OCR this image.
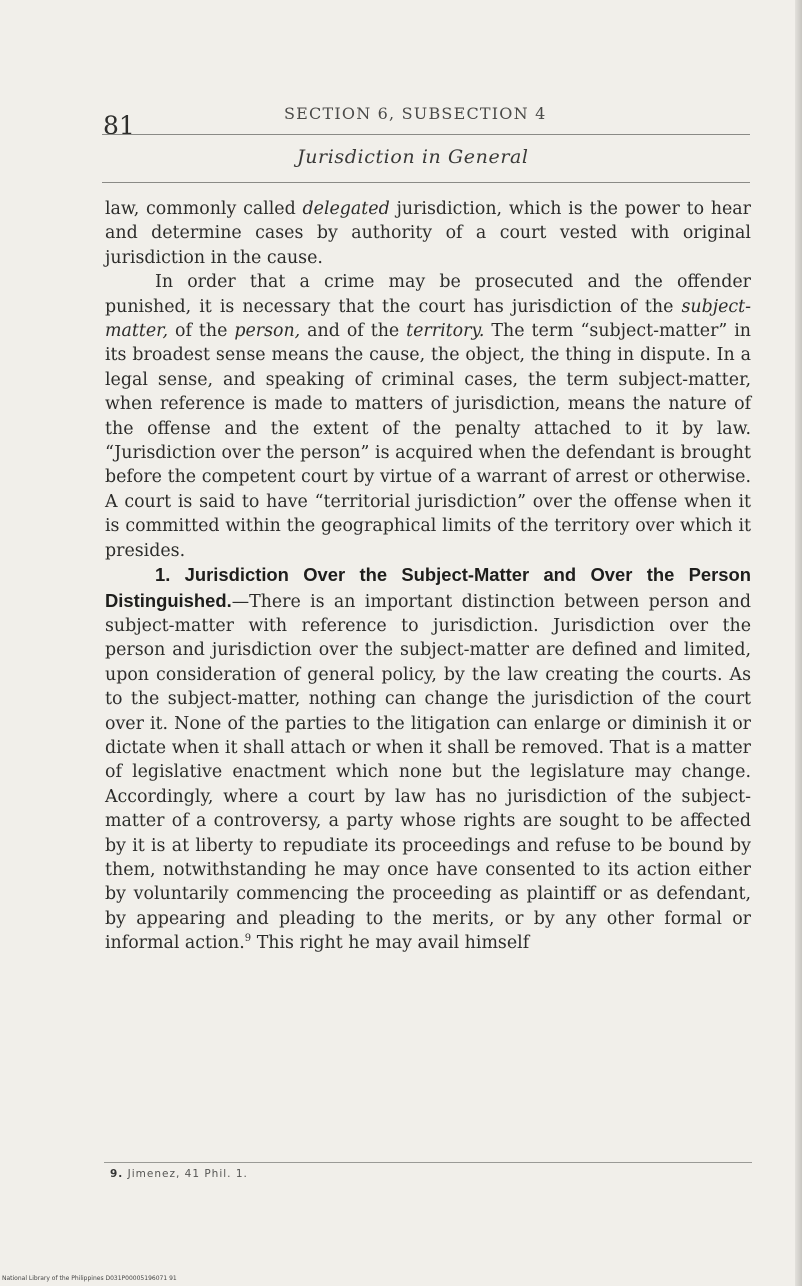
81	SECTION 6, SUBSECTION 4
Jurisdiction in General

law, commonly called delegated jurisdiction, which is the power to hear and determine cases by authority of a court vested with original jurisdiction in the cause.

In order that a crime may be prosecuted and the offender punished, it is necessary that the court has jurisdiction of the subject-matter, of the person, and of the territory. The term “subject-matter” in its broadest sense means the cause, the object, the thing in dispute. In a legal sense, and speaking of criminal cases, the term subject-matter, when reference is made to matters of jurisdiction, means the nature of the offense and the extent of the penalty attached to it by law. “Jurisdiction over the person” is acquired when the defendant is brought before the competent court by virtue of a warrant of arrest or otherwise. A court is said to have “territorial jurisdiction” over the offense when it is committed within the geographical limits of the territory over which it presides.

1. Jurisdiction Over the Subject-Matter and Over the Person Distinguished.—There is an important distinction between person and subject-matter with reference to jurisdiction. Jurisdiction over the person and jurisdiction over the subject-matter are defined and limited, upon consideration of general policy, by the law creating the courts. As to the subject-matter, nothing can change the jurisdiction of the court over it. None of the parties to the litigation can enlarge or diminish it or dictate when it shall attach or when it shall be removed. That is a matter of legislative enactment which none but the legislature may change. Accordingly, where a court by law has no jurisdiction of the subject-matter of a controversy, a party whose rights are sought to be affected by it is at liberty to repudiate its proceedings and refuse to be bound by them, notwithstanding he may once have consented to its action either by voluntarily commencing the proceeding as plaintiff or as defendant, by appearing and pleading to the merits, or by any other formal or informal action.$^9$ This right he may avail himself

9. Jimenez, 41 Phil. 1.
National Library of the Philippines D031P00005196071 91
